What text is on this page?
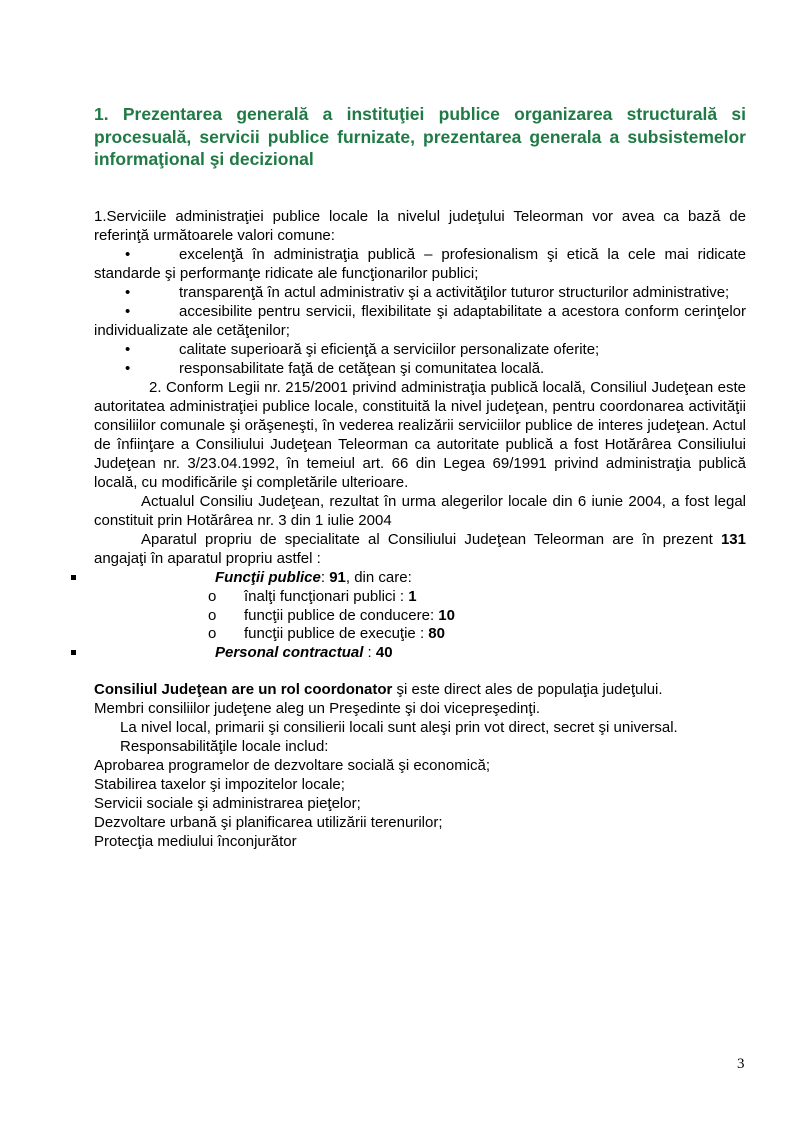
1. Prezentarea generală a instituţiei publice organizarea structurală si procesuală, servicii publice furnizate, prezentarea generala a subsistemelor informaţional şi decizional
1.Serviciile administraţiei publice locale la nivelul judeţului Teleorman vor avea ca bază de referinţă următoarele valori comune:
•	excelenţă în administraţia publică – profesionalism şi etică la cele mai ridicate standarde şi performanţe ridicate ale funcţionarilor publici;
•	transparenţă în actul administrativ şi a activităţilor tuturor structurilor administrative;
•	accesibilite pentru servicii, flexibilitate şi adaptabilitate a acestora conform cerinţelor individualizate ale cetăţenilor;
•	calitate superioară şi eficienţă a serviciilor personalizate oferite;
•	responsabilitate faţă de cetăţean şi comunitatea locală.
2. Conform Legii nr. 215/2001 privind administraţia publică locală, Consiliul Judeţean este autoritatea administraţiei publice locale, constituită la nivel judeţean, pentru coordonarea activităţii consiliilor comunale şi orăşeneşti, în vederea realizării serviciilor publice de interes judeţean. Actul de înfiinţare a Consiliului Judeţean Teleorman ca autoritate publică a fost Hotărârea Consiliului Judeţean nr. 3/23.04.1992, în temeiul art. 66 din Legea 69/1991 privind administraţia publică locală, cu modificările şi completările ulterioare.
Actualul Consiliu Judeţean, rezultat în urma alegerilor locale din 6 iunie 2004, a fost legal constituit prin Hotărârea nr. 3 din 1 iulie 2004
Aparatul propriu de specialitate al Consiliului Judeţean Teleorman are în prezent 131 angajaţi în aparatul propriu astfel :
Funcţii publice: 91, din care:
o înalţi funcţionari publici : 1
o funcţii publice de conducere: 10
o funcţii publice de execuţie : 80
Personal contractual : 40
Consiliul Judeţean are un rol coordonator şi este direct ales de populaţia judeţului.
Membri consiliilor judeţene aleg un Preşedinte şi doi vicepreşedinţi.
La nivel local, primarii şi consilierii locali sunt aleşi prin vot direct, secret şi universal.
Responsabilităţile locale includ:
Aprobarea programelor de dezvoltare socială şi economică;
Stabilirea taxelor şi impozitelor locale;
Servicii sociale şi administrarea pieţelor;
Dezvoltare urbană şi planificarea utilizării terenurilor;
Protecţia mediului înconjurător
3
